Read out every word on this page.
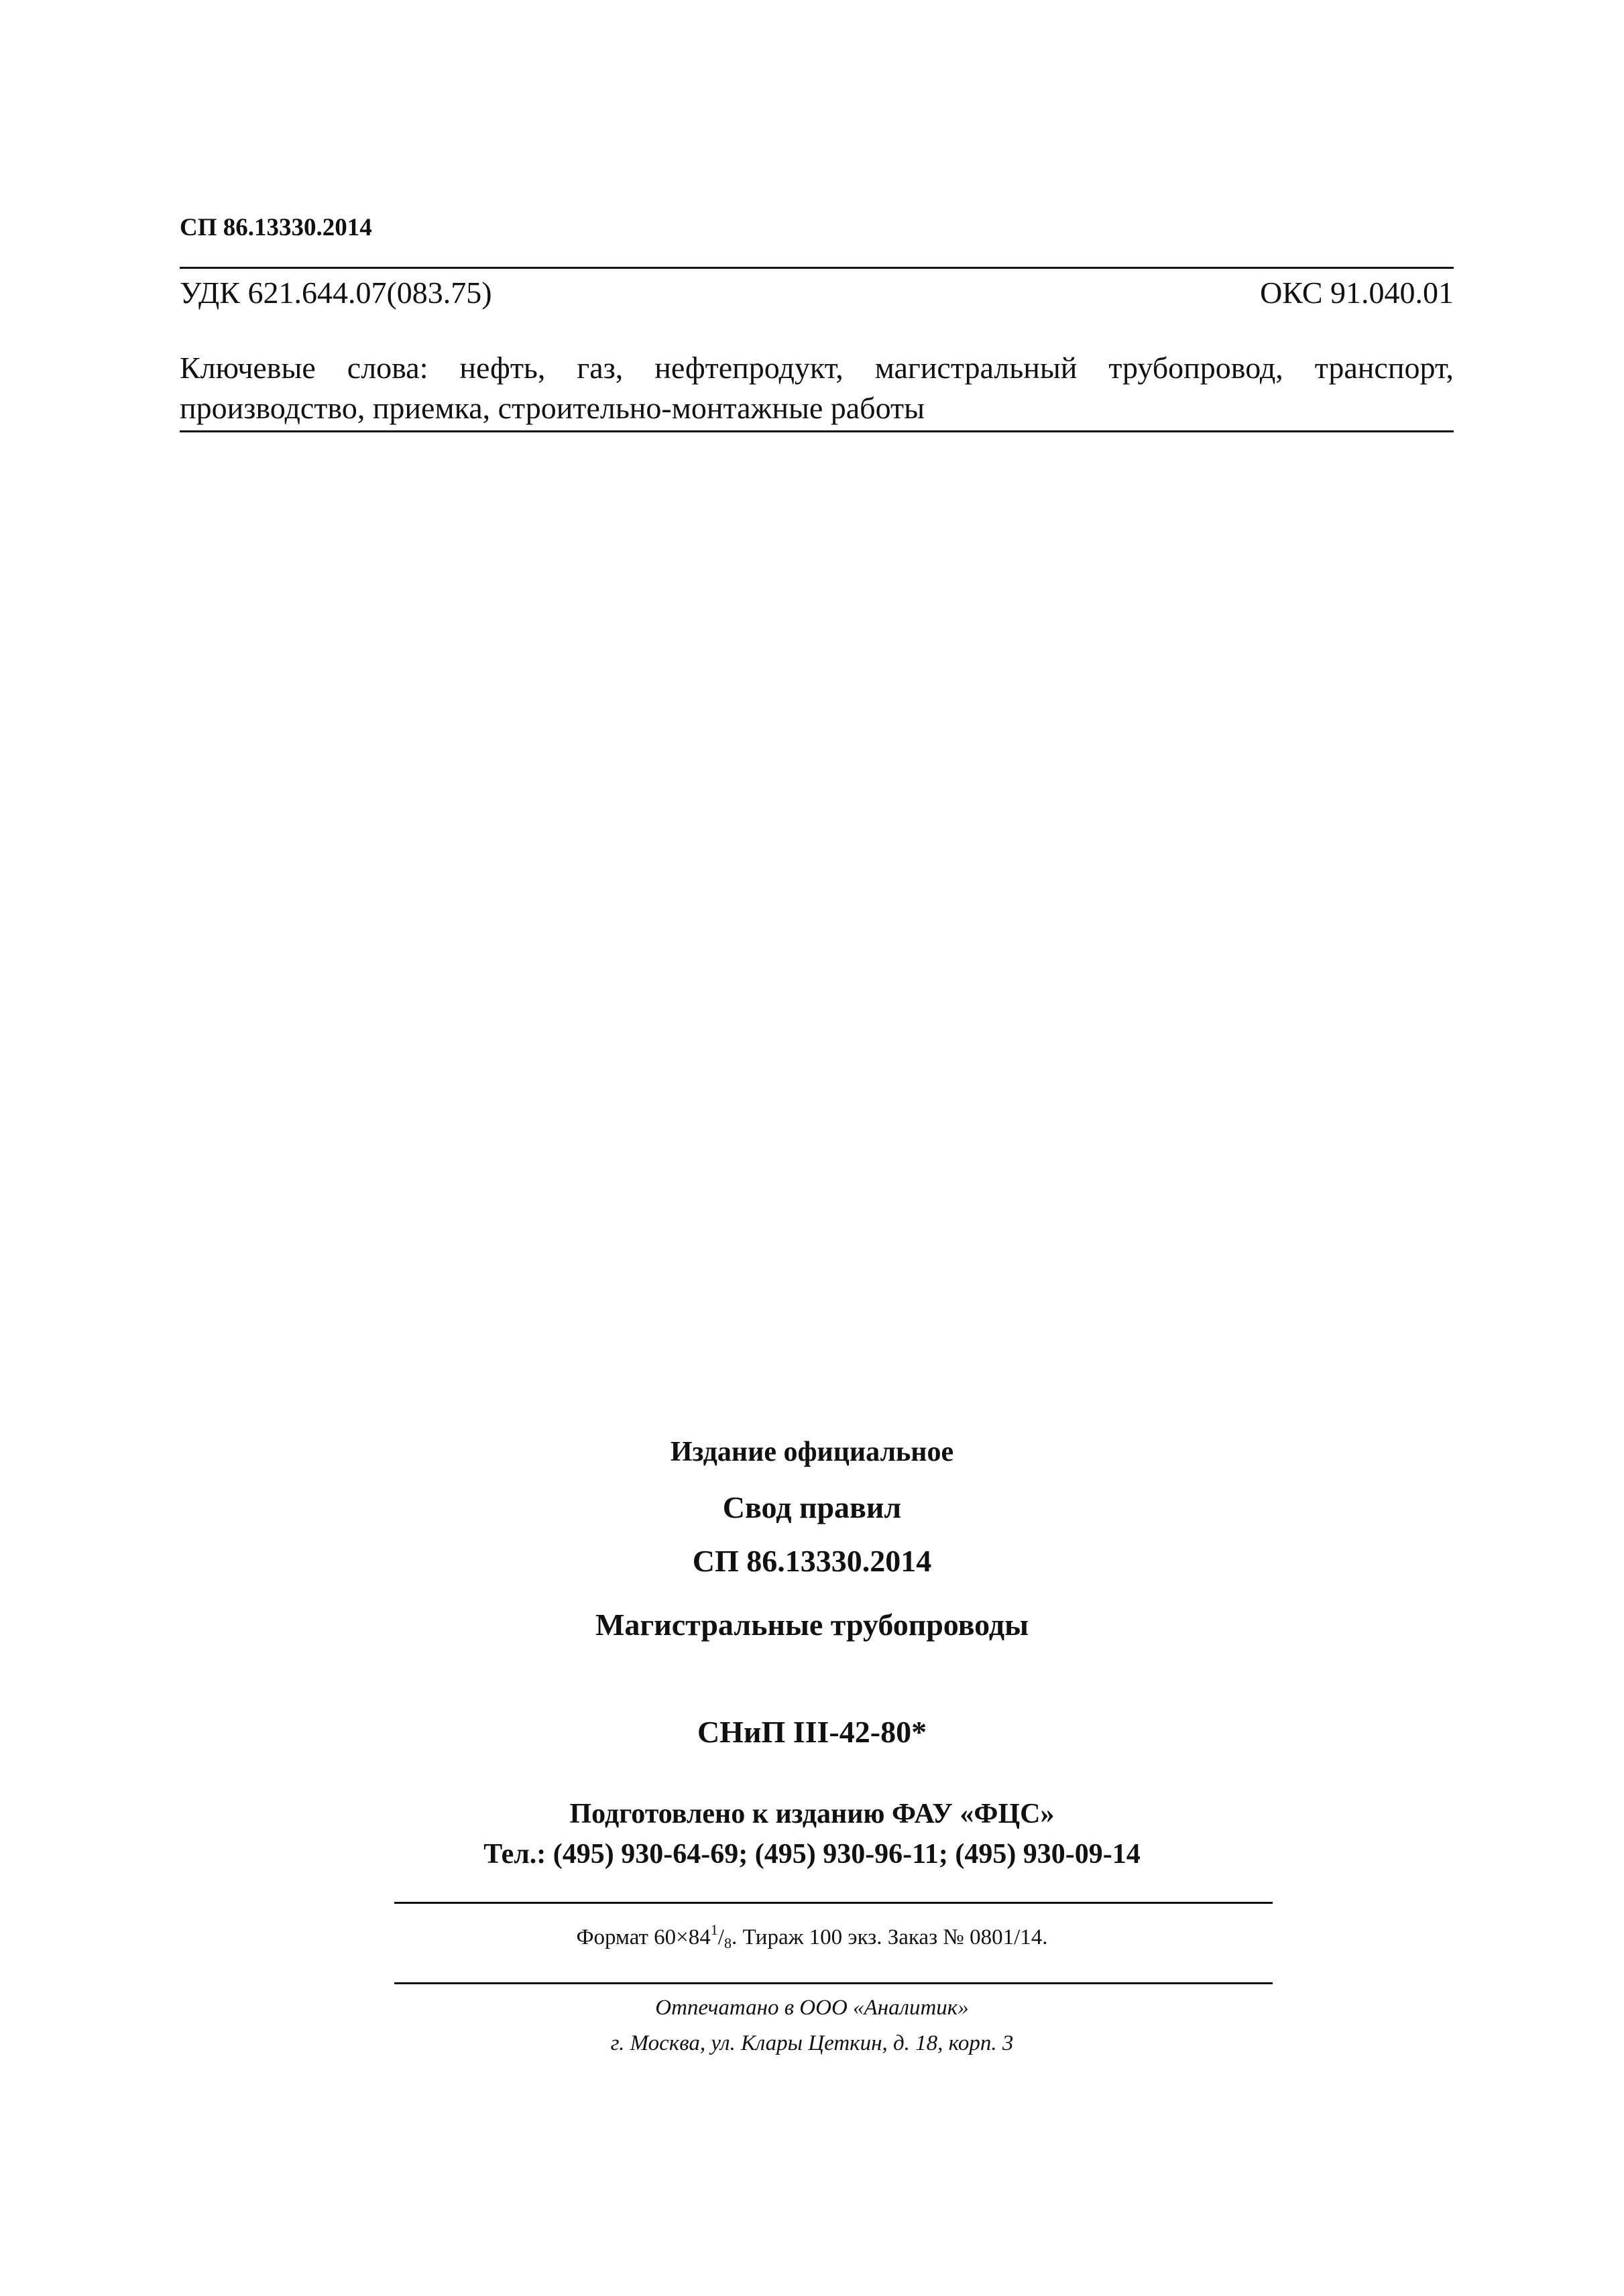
СП 86.13330.2014
УДК 621.644.07(083.75)	ОКС 91.040.01
Ключевые слова: нефть, газ, нефтепродукт, магистральный трубопровод, транспорт,
производство, приемка, строительно-монтажные работы
Издание официальное
Свод правил
СП 86.13330.2014
Магистральные трубопроводы
СНиП III-42-80*
Подготовлено к изданию ФАУ «ФЦС»
Тел.: (495) 930-64-69; (495) 930-96-11; (495) 930-09-14
Формат $60\times 84^1/8$. Тираж 100 экз. Заказ № 0801/14.
Отпечатано в ООО «Аналитик»
г. Москва, ул. Клары Цеткин, д. 18, корп. 3
